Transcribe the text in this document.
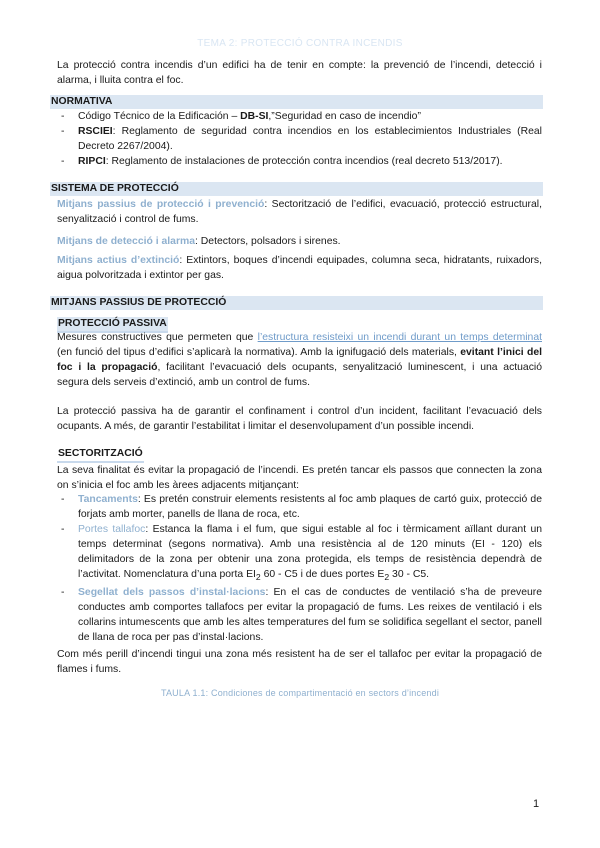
TEMA 2: PROTECCIÓ CONTRA INCENDIS
La protecció contra incendis d’un edifici ha de tenir en compte: la prevenció de l’incendi, detecció i alarma, i lluita contra el foc.
NORMATIVA
- Código Técnico de la Edificación – DB-SI,”Seguridad en caso de incendio”
- RSCIEI: Reglamento de seguridad contra incendios en los establecimientos Industriales (Real Decreto 2267/2004).
- RIPCI: Reglamento de instalaciones de protección contra incendios (real decreto 513/2017).
SISTEMA DE PROTECCIÓ
Mitjans passius de protecció i prevenció: Sectorització de l’edifici, evacuació, protecció estructural, senyalització i control de fums.
Mitjans de detecció i alarma: Detectors, polsadors i sirenes.
Mitjans actius d’extinció: Extintors, boques d’incendi equipades, columna seca, hidratants, ruixadors, aigua polvoritzada i extintor per gas.
MITJANS PASSIUS DE PROTECCIÓ
PROTECCIÓ PASSIVA
Mesures constructives que permeten que l’estructura resisteixi un incendi durant un temps determinat (en funció del tipus d’edifici s’aplicarà la normativa). Amb la ignifugació dels materials, evitant l’inici del foc i la propagació, facilitant l’evacuació dels ocupants, senyalització luminescent, i una actuació segura dels serveis d’extinció, amb un control de fums.
La protecció passiva ha de garantir el confinament i control d’un incident, facilitant l’evacuació dels ocupants. A més, de garantir l’estabilitat i limitar el desenvolupament d’un possible incendi.
SECTORITZACIÓ
La seva finalitat és evitar la propagació de l’incendi. Es pretén tancar els passos que connecten la zona on s’inicia el foc amb les àrees adjacents mitjançant:
- Tancaments: Es pretén construir elements resistents al foc amb plaques de cartó guix, protecció de forjats amb morter, panells de llana de roca, etc.
- Portes tallafoc: Estanca la flama i el fum, que sigui estable al foc i tèrmicament aïllant durant un temps determinat (segons normativa). Amb una resistència al de 120 minuts (EI - 120) els delimitadors de la zona per obtenir una zona protegida, els temps de resistència dependrà de l’activitat. Nomenclatura d’una porta $EI_2$ 60 - C5 i de dues portes $E_2$ 30 - C5.
- Segellat dels passos d’instal·lacions: En el cas de conductes de ventilació s’ha de preveure conductes amb comportes tallafocs per evitar la propagació de fums. Les reixes de ventilació i els collarins intumescents que amb les altes temperatures del fum se solidifica segellant el sector, panell de llana de roca per pas d’instal·lacions.
Com més perill d’incendi tingui una zona més resistent ha de ser el tallafoc per evitar la propagació de flames i fums.
TAULA 1.1: Condiciones de compartimentació en sectors d’incendi
1
